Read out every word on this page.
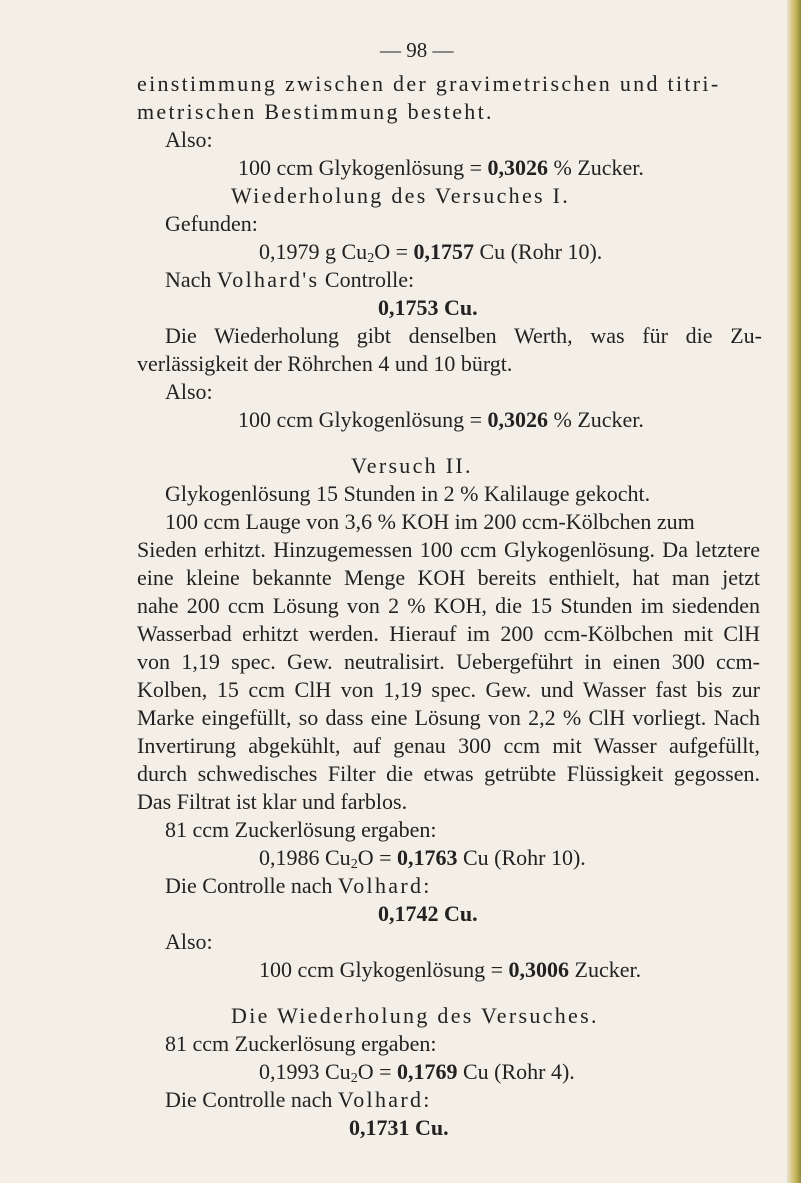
— 98 —
einstimmung zwischen der gravimetrischen und titri-
metrischen Bestimmung besteht.
Also:
100 ccm Glykogenlösung = 0,3026 % Zucker.
Wiederholung des Versuches I.
Gefunden:
0,1979 g $Cu_2O = 0,1757$ Cu (Rohr 10).
Nach Volhard's Controlle:
0,1753 Cu.
Die Wiederholung gibt denselben Werth, was für die Zu-
verlässigkeit der Röhrchen 4 und 10 bürgt.
Also:
100 ccm Glykogenlösung = 0,3026 % Zucker.
Versuch II.
Glykogenlösung 15 Stunden in 2 % Kalilauge gekocht.
100 ccm Lauge von 3,6 % KOH im 200 ccm-Kölbchen zum
Sieden erhitzt. Hinzugemessen 100 ccm Glykogenlösung. Da letztere
eine kleine bekannte Menge KOH bereits enthielt, hat man jetzt
nahe 200 ccm Lösung von 2 % KOH, die 15 Stunden im siedenden
Wasserbad erhitzt werden. Hierauf im 200 ccm-Kölbchen mit ClH
von 1,19 spec. Gew. neutralisirt. Uebergeführt in einen 300 ccm-
Kolben, 15 ccm ClH von 1,19 spec. Gew. und Wasser fast bis zur
Marke eingefüllt, so dass eine Lösung von 2,2 % ClH vorliegt. Nach
Invertirung abgekühlt, auf genau 300 ccm mit Wasser aufgefüllt,
durch schwedisches Filter die etwas getrübte Flüssigkeit gegossen.
Das Filtrat ist klar und farblos.
81 ccm Zuckerlösung ergaben:
0,1986 $Cu_2O = 0,1763$ Cu (Rohr 10).
Die Controlle nach Volhard:
0,1742 Cu.
Also:
100 ccm Glykogenlösung = 0,3006 Zucker.
Die Wiederholung des Versuches.
81 ccm Zuckerlösung ergaben:
0,1993 $Cu_2O = 0,1769$ Cu (Rohr 4).
Die Controlle nach Volhard:
0,1731 Cu.
